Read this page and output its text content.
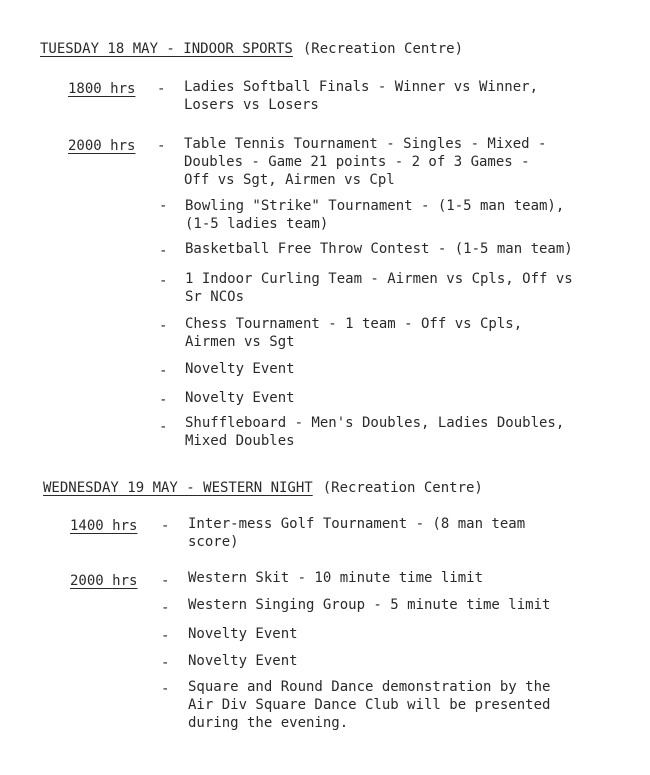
TUESDAY 18 MAY - INDOOR SPORTS (Recreation Centre)
1800 hrs - Ladies Softball Finals - Winner vs Winner,
Losers vs Losers
2000 hrs - Table Tennis Tournament - Singles - Mixed -
Doubles - Game 21 points - 2 of 3 Games -
Off vs Sgt, Airmen vs Cpl
- Bowling "Strike" Tournament - (1-5 man team),
(1-5 ladies team)
- Basketball Free Throw Contest - (1-5 man team)
- 1 Indoor Curling Team - Airmen vs Cpls, Off vs
Sr NCOs
- Chess Tournament - 1 team - Off vs Cpls,
Airmen vs Sgt
- Novelty Event
- Novelty Event
- Shuffleboard - Men's Doubles, Ladies Doubles,
Mixed Doubles
WEDNESDAY 19 MAY - WESTERN NIGHT (Recreation Centre)
1400 hrs - Inter-mess Golf Tournament - (8 man team
score)
2000 hrs - Western Skit - 10 minute time limit
- Western Singing Group - 5 minute time limit
- Novelty Event
- Novelty Event
- Square and Round Dance demonstration by the
Air Div Square Dance Club will be presented
during the evening.
